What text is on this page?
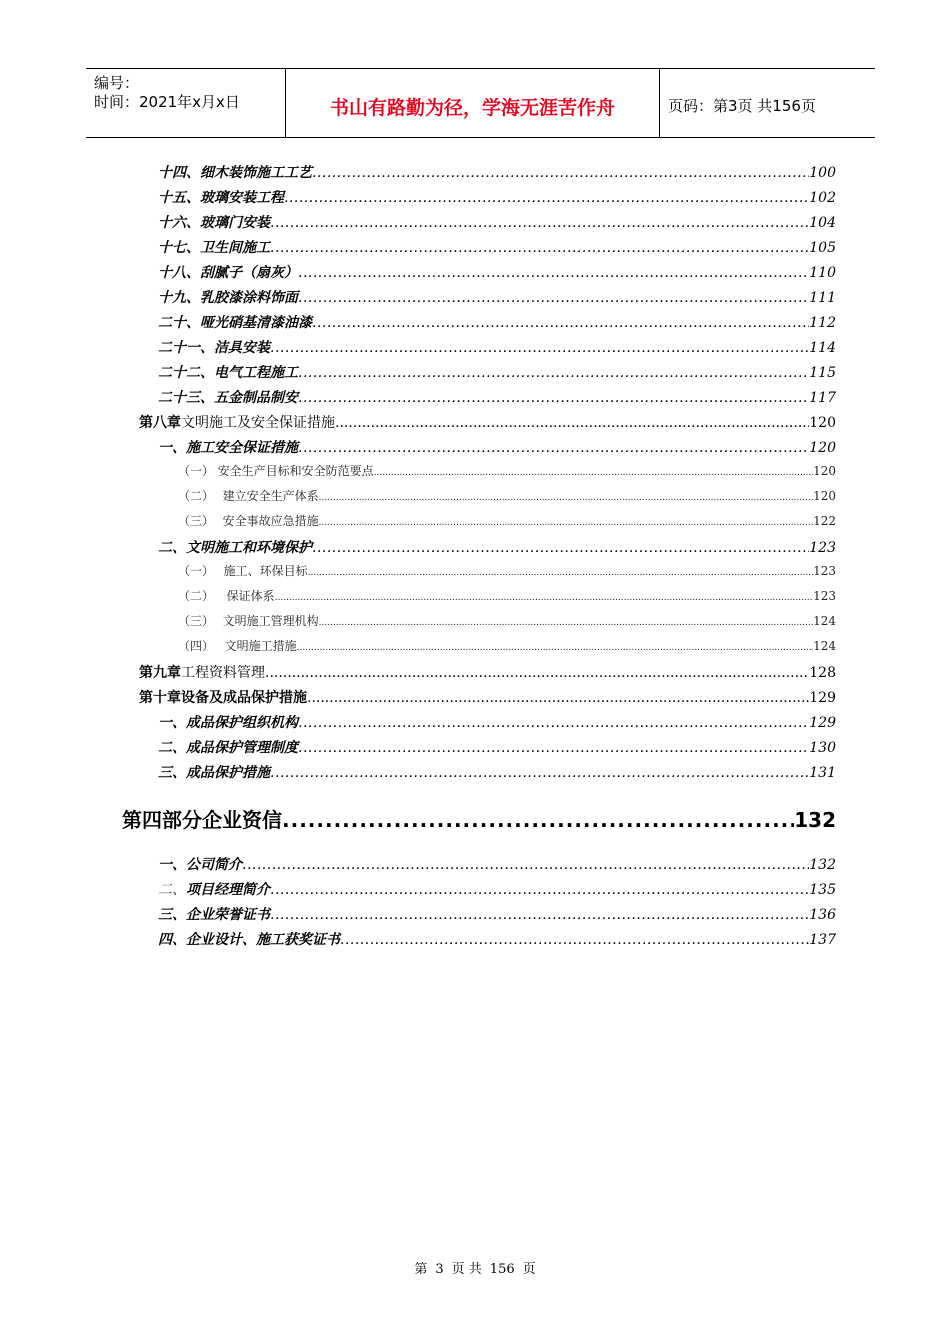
编号：
时间：2021年x月x日	书山有路勤为径，学海无涯苦作舟	页码：第3页 共156页
十四、 细木装饰施工工艺 .....	100
十五、 玻璃安装工程 .....	102
十六、 玻璃门安装 .....	104
十七、 卫生间施工 .....	105
十八、 刮腻子（扇灰） .....	110
十九、 乳胶漆涂料饰面 .....	111
二十、 哑光硝基清漆油漆 .....	112
二十一、 洁具安装 .....	114
二十二、 电气工程施工 .....	115
二十三、 五金制品制安 .....	117
第八章 文明施工及安全保证措施 .....	120
一、 施工安全保证措施 .....	120
（一） 安全生产目标和安全防范要点 .....	120
（二） 建立安全生产体系 .....	120
（三） 安全事故应急措施 .....	122
二、 文明施工和环境保护 .....	123
（一） 施工、环保目标 .....	123
（二）	保证体系 .....	123
（三） 文明施工管理机构 .....	124
（四） 文明施工措施 .....	124
第九章 工程资料管理 .....	128
第十章 设备及成品保护措施 .....	129
一、 成品保护组织机构 .....	129
二、 成品保护管理制度 .....	130
三、 成品保护措施 .....	131
第四部分 企业资信 .....	132
一、 公司简介 .....	132
二、 项目经理简介 .....	135
三、 企业荣誉证书 .....	136
四、 企业设计、施工获奖证书 .....	137
第 3 页 共 156 页
